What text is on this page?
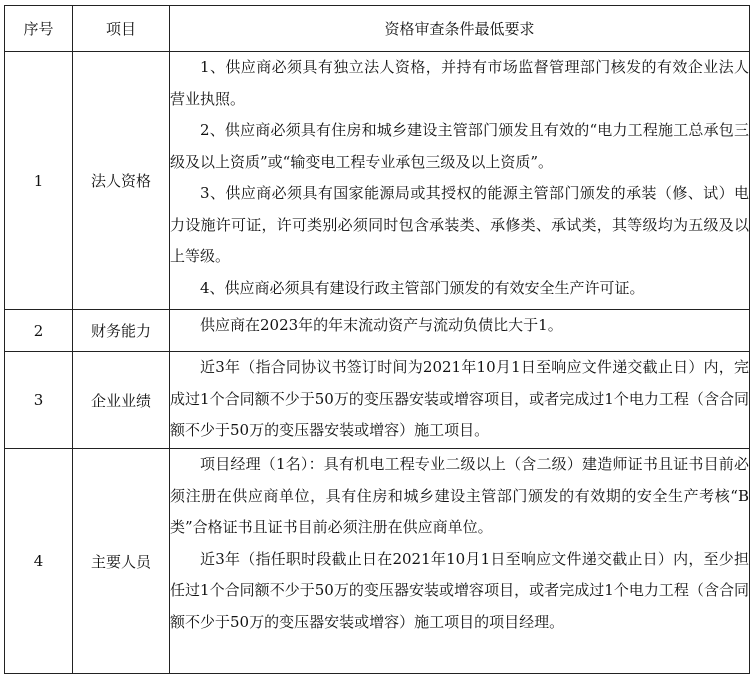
序号	项目	资格审查条件最低要求
1	法人资格	1、供应商必须具有独立法人资格，并持有市场监督管理部门核发的有效企业法人营业执照。

2、供应商必须具有住房和城乡建设主管部门颁发且有效的“电力工程施工总承包三级及以上资质”或“输变电工程专业承包三级及以上资质”。

3、供应商必须具有国家能源局或其授权的能源主管部门颁发的承装（修、试）电力设施许可证，许可类别必须同时包含承装类、承修类、承试类，其等级均为五级及以上等级。

4、供应商必须具有建设行政主管部门颁发的有效安全生产许可证。

2	财务能力	供应商在2023年的年末流动资产与流动负债比大于1。

3	企业业绩	近3年（指合同协议书签订时间为2021年10月1日至响应文件递交截止日）内，完成过1个合同额不少于50万的变压器安装或增容项目，或者完成过1个电力工程（含合同额不少于50万的变压器安装或增容）施工项目。

4	主要人员	项目经理（1名）：具有机电工程专业二级以上（含二级）建造师证书且证书目前必须注册在供应商单位，具有住房和城乡建设主管部门颁发的有效期的安全生产考核“B类”合格证书且证书目前必须注册在供应商单位。

近3年（指任职时段截止日在2021年10月1日至响应文件递交截止日）内，至少担任过1个合同额不少于50万的变压器安装或增容项目，或者完成过1个电力工程（含合同额不少于50万的变压器安装或增容）施工项目的项目经理。
